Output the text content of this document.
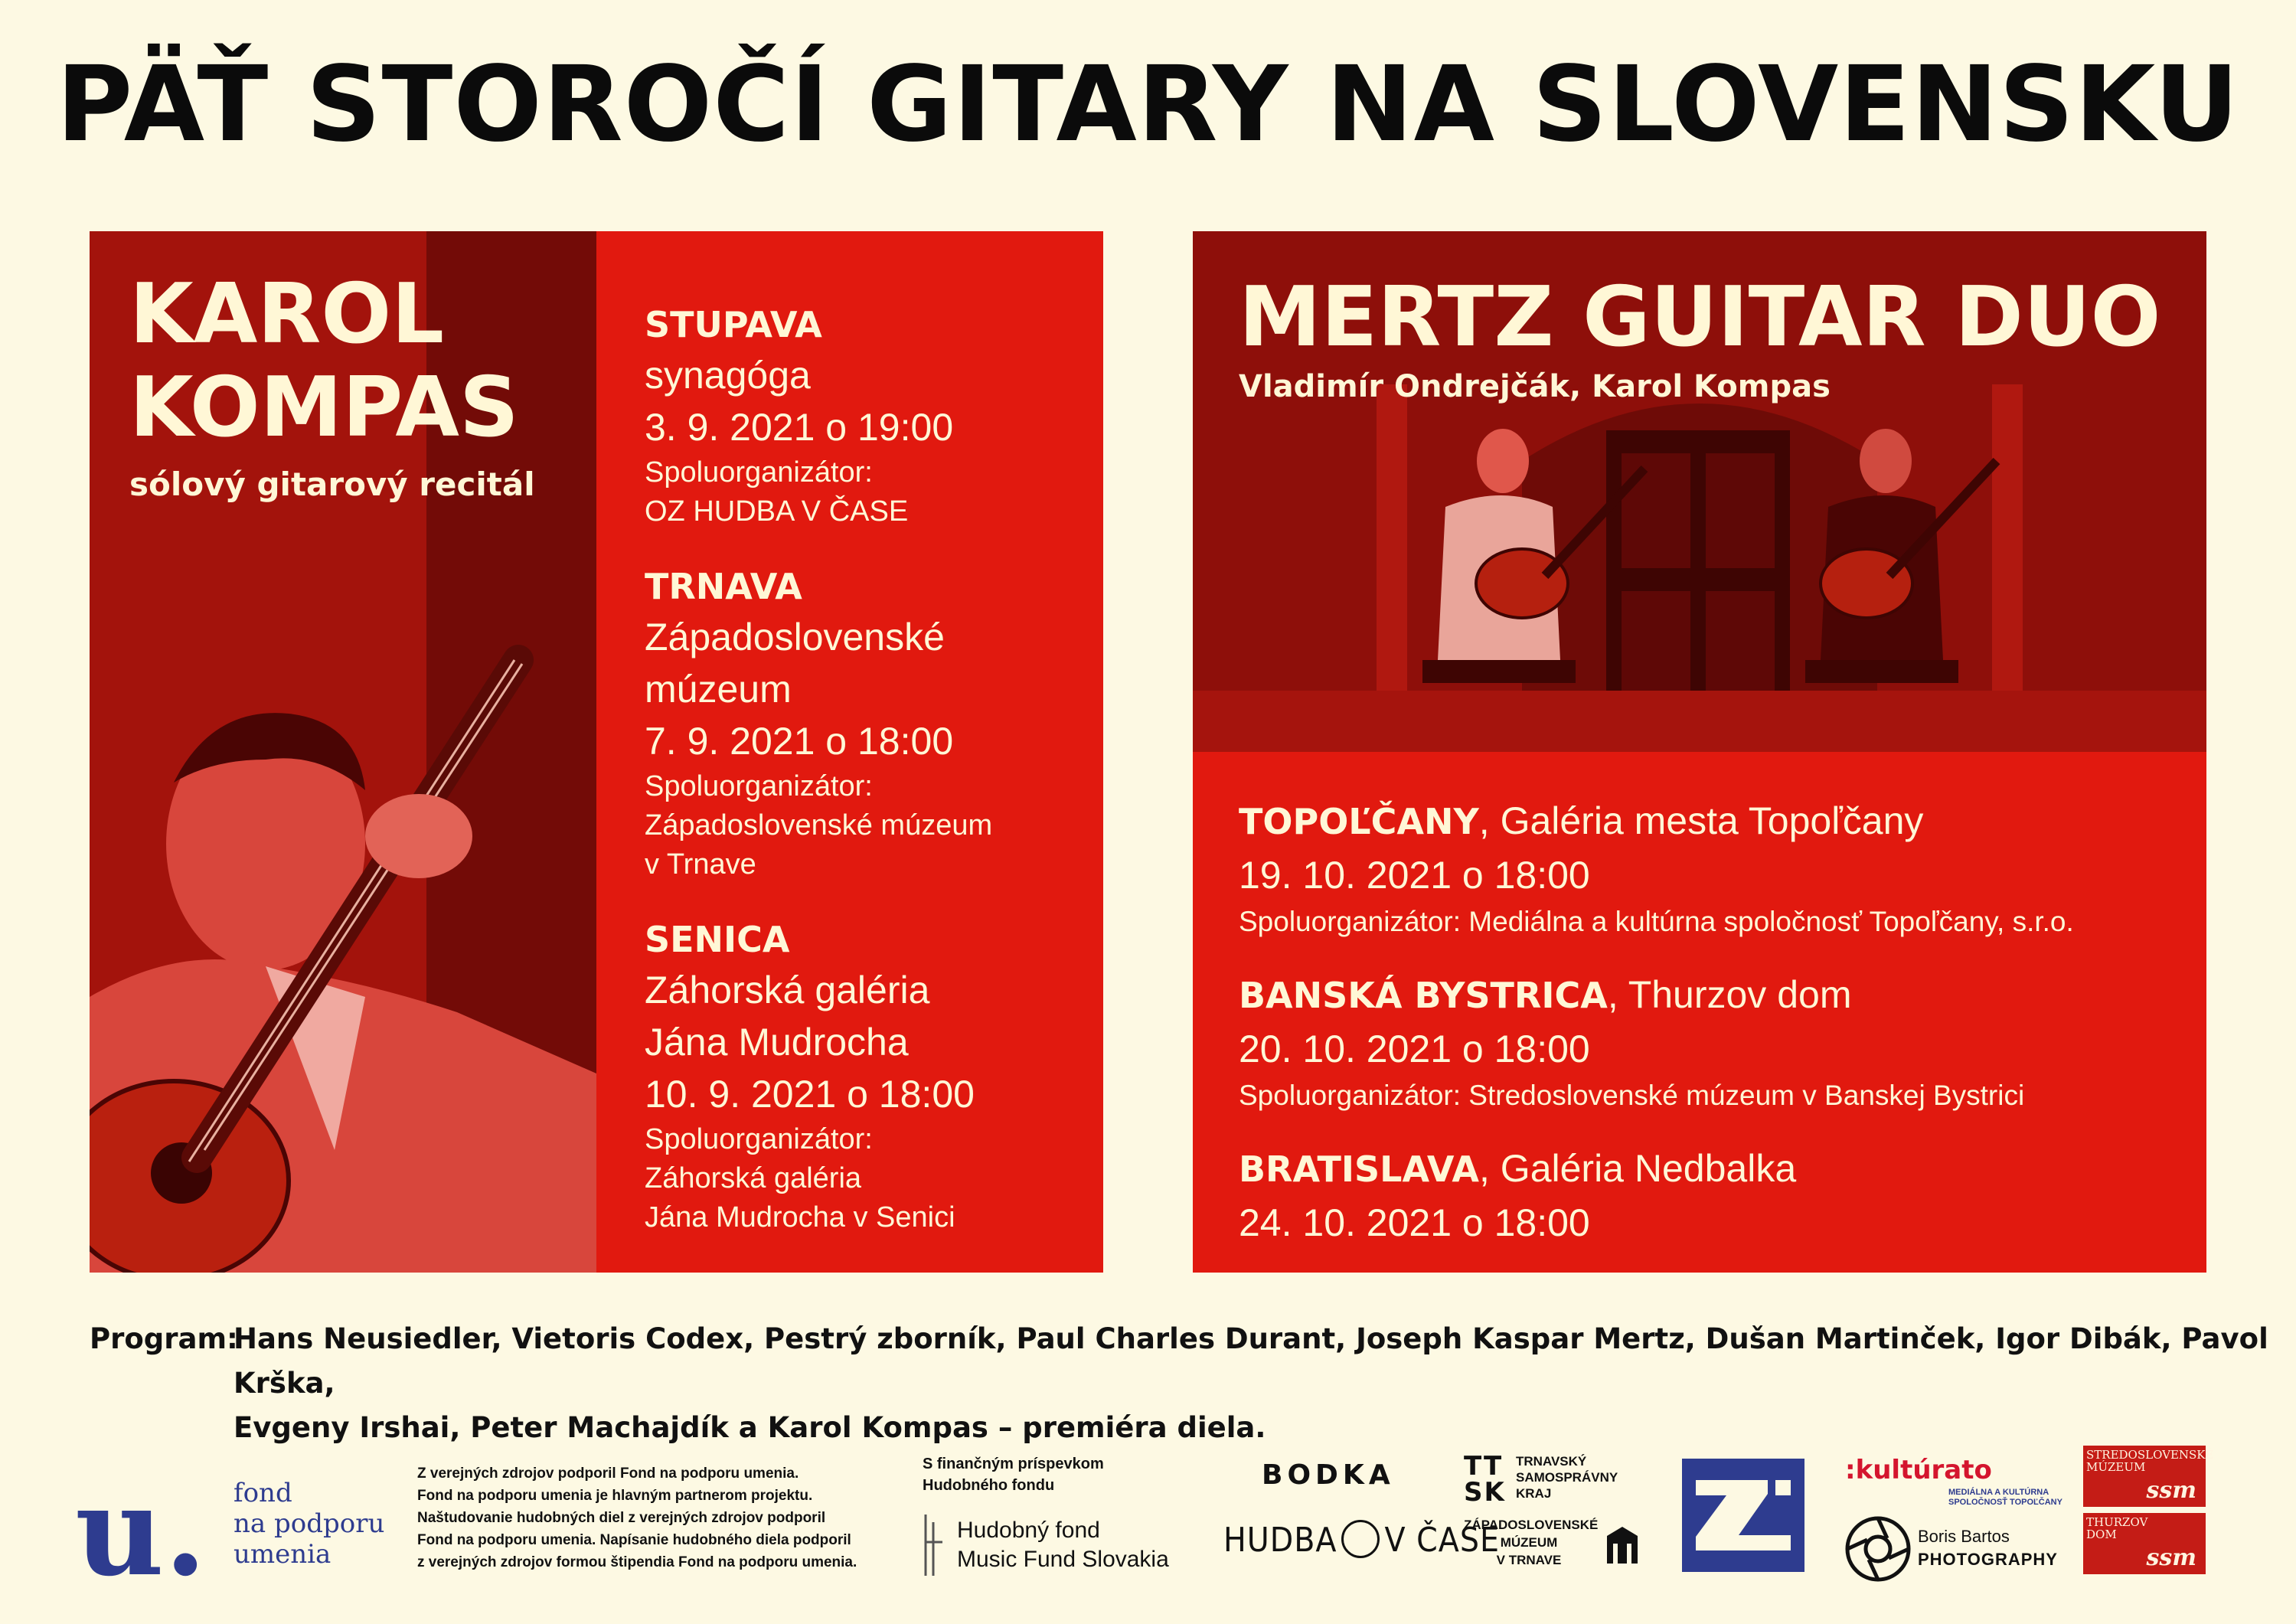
PÄŤ STOROČÍ GITARY NA SLOVENSKU
KAROL
KOMPAS
sólový gitarový recitál
STUPAVA
synagóga
3. 9. 2021 o 19:00
Spoluorganizátor:
OZ HUDBA V ČASE
TRNAVA
Západoslovenské
múzeum
7. 9. 2021 o 18:00
Spoluorganizátor:
Západoslovenské múzeum
v Trnave
SENICA
Záhorská galéria
Jána Mudrocha
10. 9. 2021 o 18:00
Spoluorganizátor:
Záhorská galéria
Jána Mudrocha v Senici
MERTZ GUITAR DUO
Vladimír Ondrejčák, Karol Kompas
TOPOĽČANY, Galéria mesta Topoľčany
19. 10. 2021 o 18:00
Spoluorganizátor: Mediálna a kultúrna spoločnosť Topoľčany, s.r.o.
BANSKÁ BYSTRICA, Thurzov dom
20. 10. 2021 o 18:00
Spoluorganizátor: Stredoslovenské múzeum v Banskej Bystrici
BRATISLAVA, Galéria Nedbalka
24. 10. 2021 o 18:00
Program:
Hans Neusiedler, Vietoris Codex, Pestrý zborník, Paul Charles Durant, Joseph Kaspar Mertz, Dušan Martinček, Igor Dibák, Pavol Krška,
Evgeny Irshai, Peter Machajdík a Karol Kompas – premiéra diela.
u. fond
na podporu
umenia
Z verejných zdrojov podporil Fond na podporu umenia.
Fond na podporu umenia je hlavným partnerom projektu.
Naštudovanie hudobných diel z verejných zdrojov podporil
Fond na podporu umenia. Napísanie hudobného diela podporil
z verejných zdrojov formou štipendia Fond na podporu umenia.
S finančným príspevkom
Hudobného fondu
Hudobný fond
Music Fund Slovakia
BODKA
HUDBA V ČASE
TT
SK
TRNAVSKÝ
SAMOSPRÁVNY
KRAJ
ZÁPADOSLOVENSKÉ
MÚZEUM
V TRNAVE
:kultúrato
MEDIÁLNA A KULTÚRNA
SPOLOČNOSŤ TOPOĽČANY
Boris Bartos
PHOTOGRAPHY
STREDOSLOVENSKÉ
MÚZEUM
ssm
THURZOV
DOM
ssm
